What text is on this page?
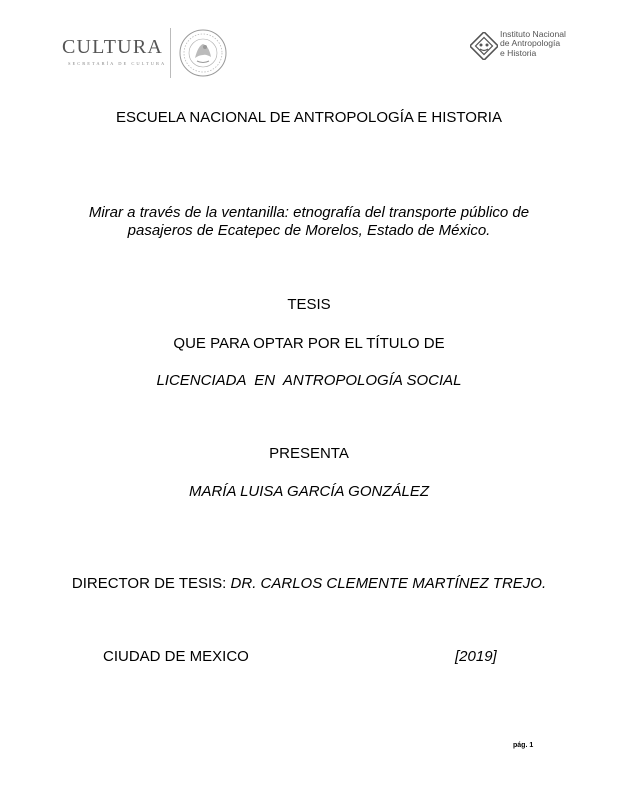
CULTURA
SECRETARÍA DE CULTURA
Instituto Nacional
de Antropología
e Historia
ESCUELA NACIONAL DE ANTROPOLOGÍA E HISTORIA
Mirar a través de la ventanilla: etnografía del transporte público de
pasajeros de Ecatepec de Morelos, Estado de México.
TESIS
QUE PARA OPTAR POR EL TÍTULO DE
LICENCIADA  EN  ANTROPOLOGÍA SOCIAL
PRESENTA
MARÍA LUISA GARCÍA GONZÁLEZ
DIRECTOR DE TESIS: DR. CARLOS CLEMENTE MARTÍNEZ TREJO.
CIUDAD DE MEXICO	[2019]
pág. 1
